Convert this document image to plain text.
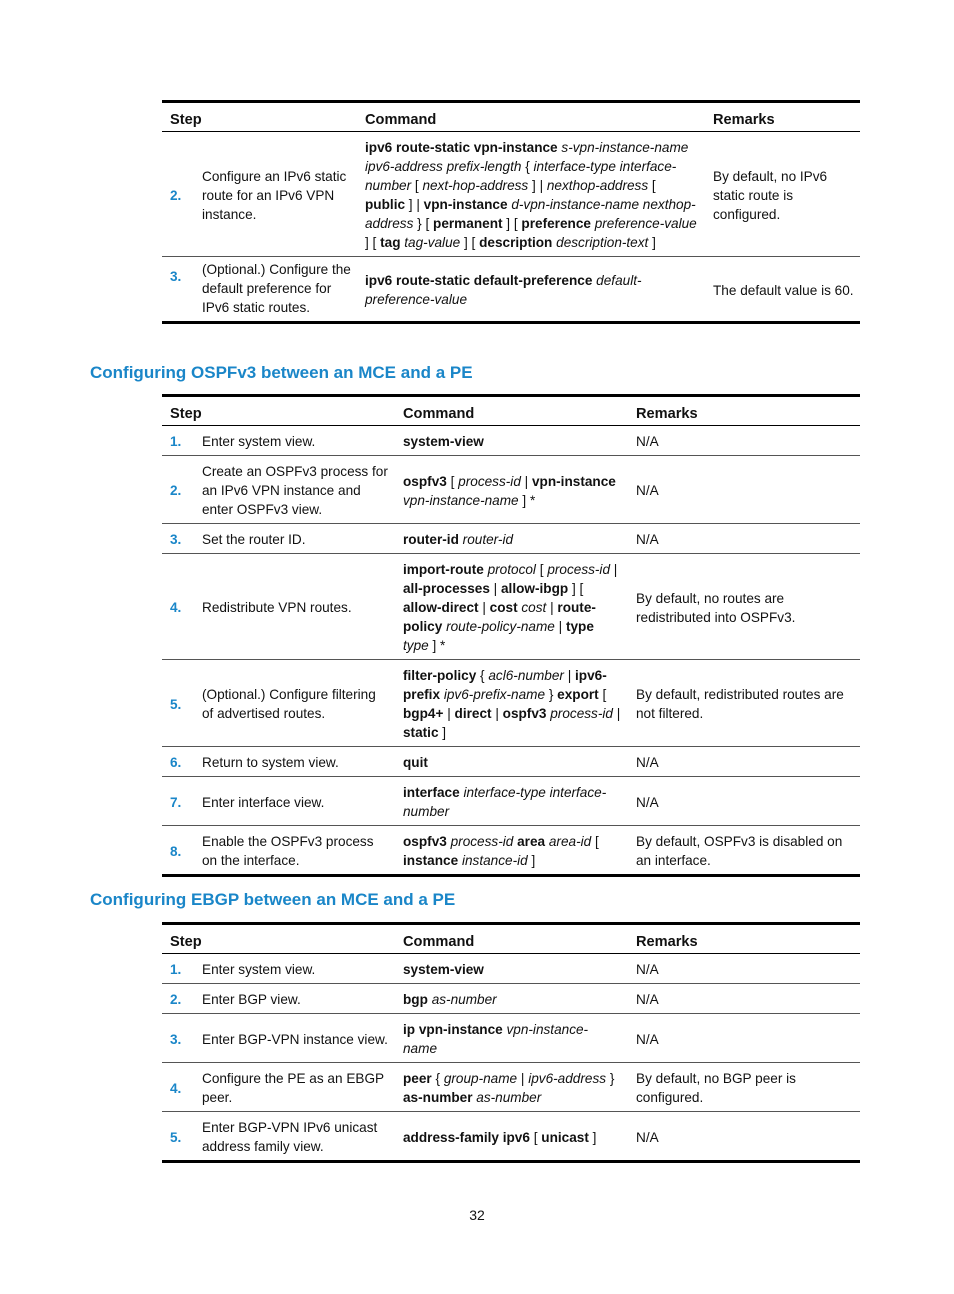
Step		Command	Remarks
2.	Configure an IPv6 static route for an IPv6 VPN instance.	ipv6 route-static vpn-instance s-vpn-instance-name ipv6-address prefix-length { interface-type interface-number [ next-hop-address ] | nexthop-address [ public ] | vpn-instance d-vpn-instance-name nexthop-address } [ permanent ] [ preference preference-value ] [ tag tag-value ] [ description description-text ]	By default, no IPv6 static route is configured.
3.	(Optional.) Configure the default preference for IPv6 static routes.	ipv6 route-static default-preference default-preference-value	The default value is 60.
Configuring OSPFv3 between an MCE and a PE
Step		Command	Remarks
1.	Enter system view.	system-view	N/A
2.	Create an OSPFv3 process for an IPv6 VPN instance and enter OSPFv3 view.	ospfv3 [ process-id | vpn-instance vpn-instance-name ] *	N/A
3.	Set the router ID.	router-id router-id	N/A
4.	Redistribute VPN routes.	import-route protocol [ process-id | all-processes | allow-ibgp ] [ allow-direct | cost cost | route-policy route-policy-name | type type ] *	By default, no routes are redistributed into OSPFv3.
5.	(Optional.) Configure filtering of advertised routes.	filter-policy { acl6-number | ipv6-prefix ipv6-prefix-name } export [ bgp4+ | direct | ospfv3 process-id | static ]	By default, redistributed routes are not filtered.
6.	Return to system view.	quit	N/A
7.	Enter interface view.	interface interface-type interface-number	N/A
8.	Enable the OSPFv3 process on the interface.	ospfv3 process-id area area-id [ instance instance-id ]	By default, OSPFv3 is disabled on an interface.
Configuring EBGP between an MCE and a PE
Step		Command	Remarks
1.	Enter system view.	system-view	N/A
2.	Enter BGP view.	bgp as-number	N/A
3.	Enter BGP-VPN instance view.	ip vpn-instance vpn-instance-name	N/A
4.	Configure the PE as an EBGP peer.	peer { group-name | ipv6-address } as-number as-number	By default, no BGP peer is configured.
5.	Enter BGP-VPN IPv6 unicast address family view.	address-family ipv6 [ unicast ]	N/A
32
